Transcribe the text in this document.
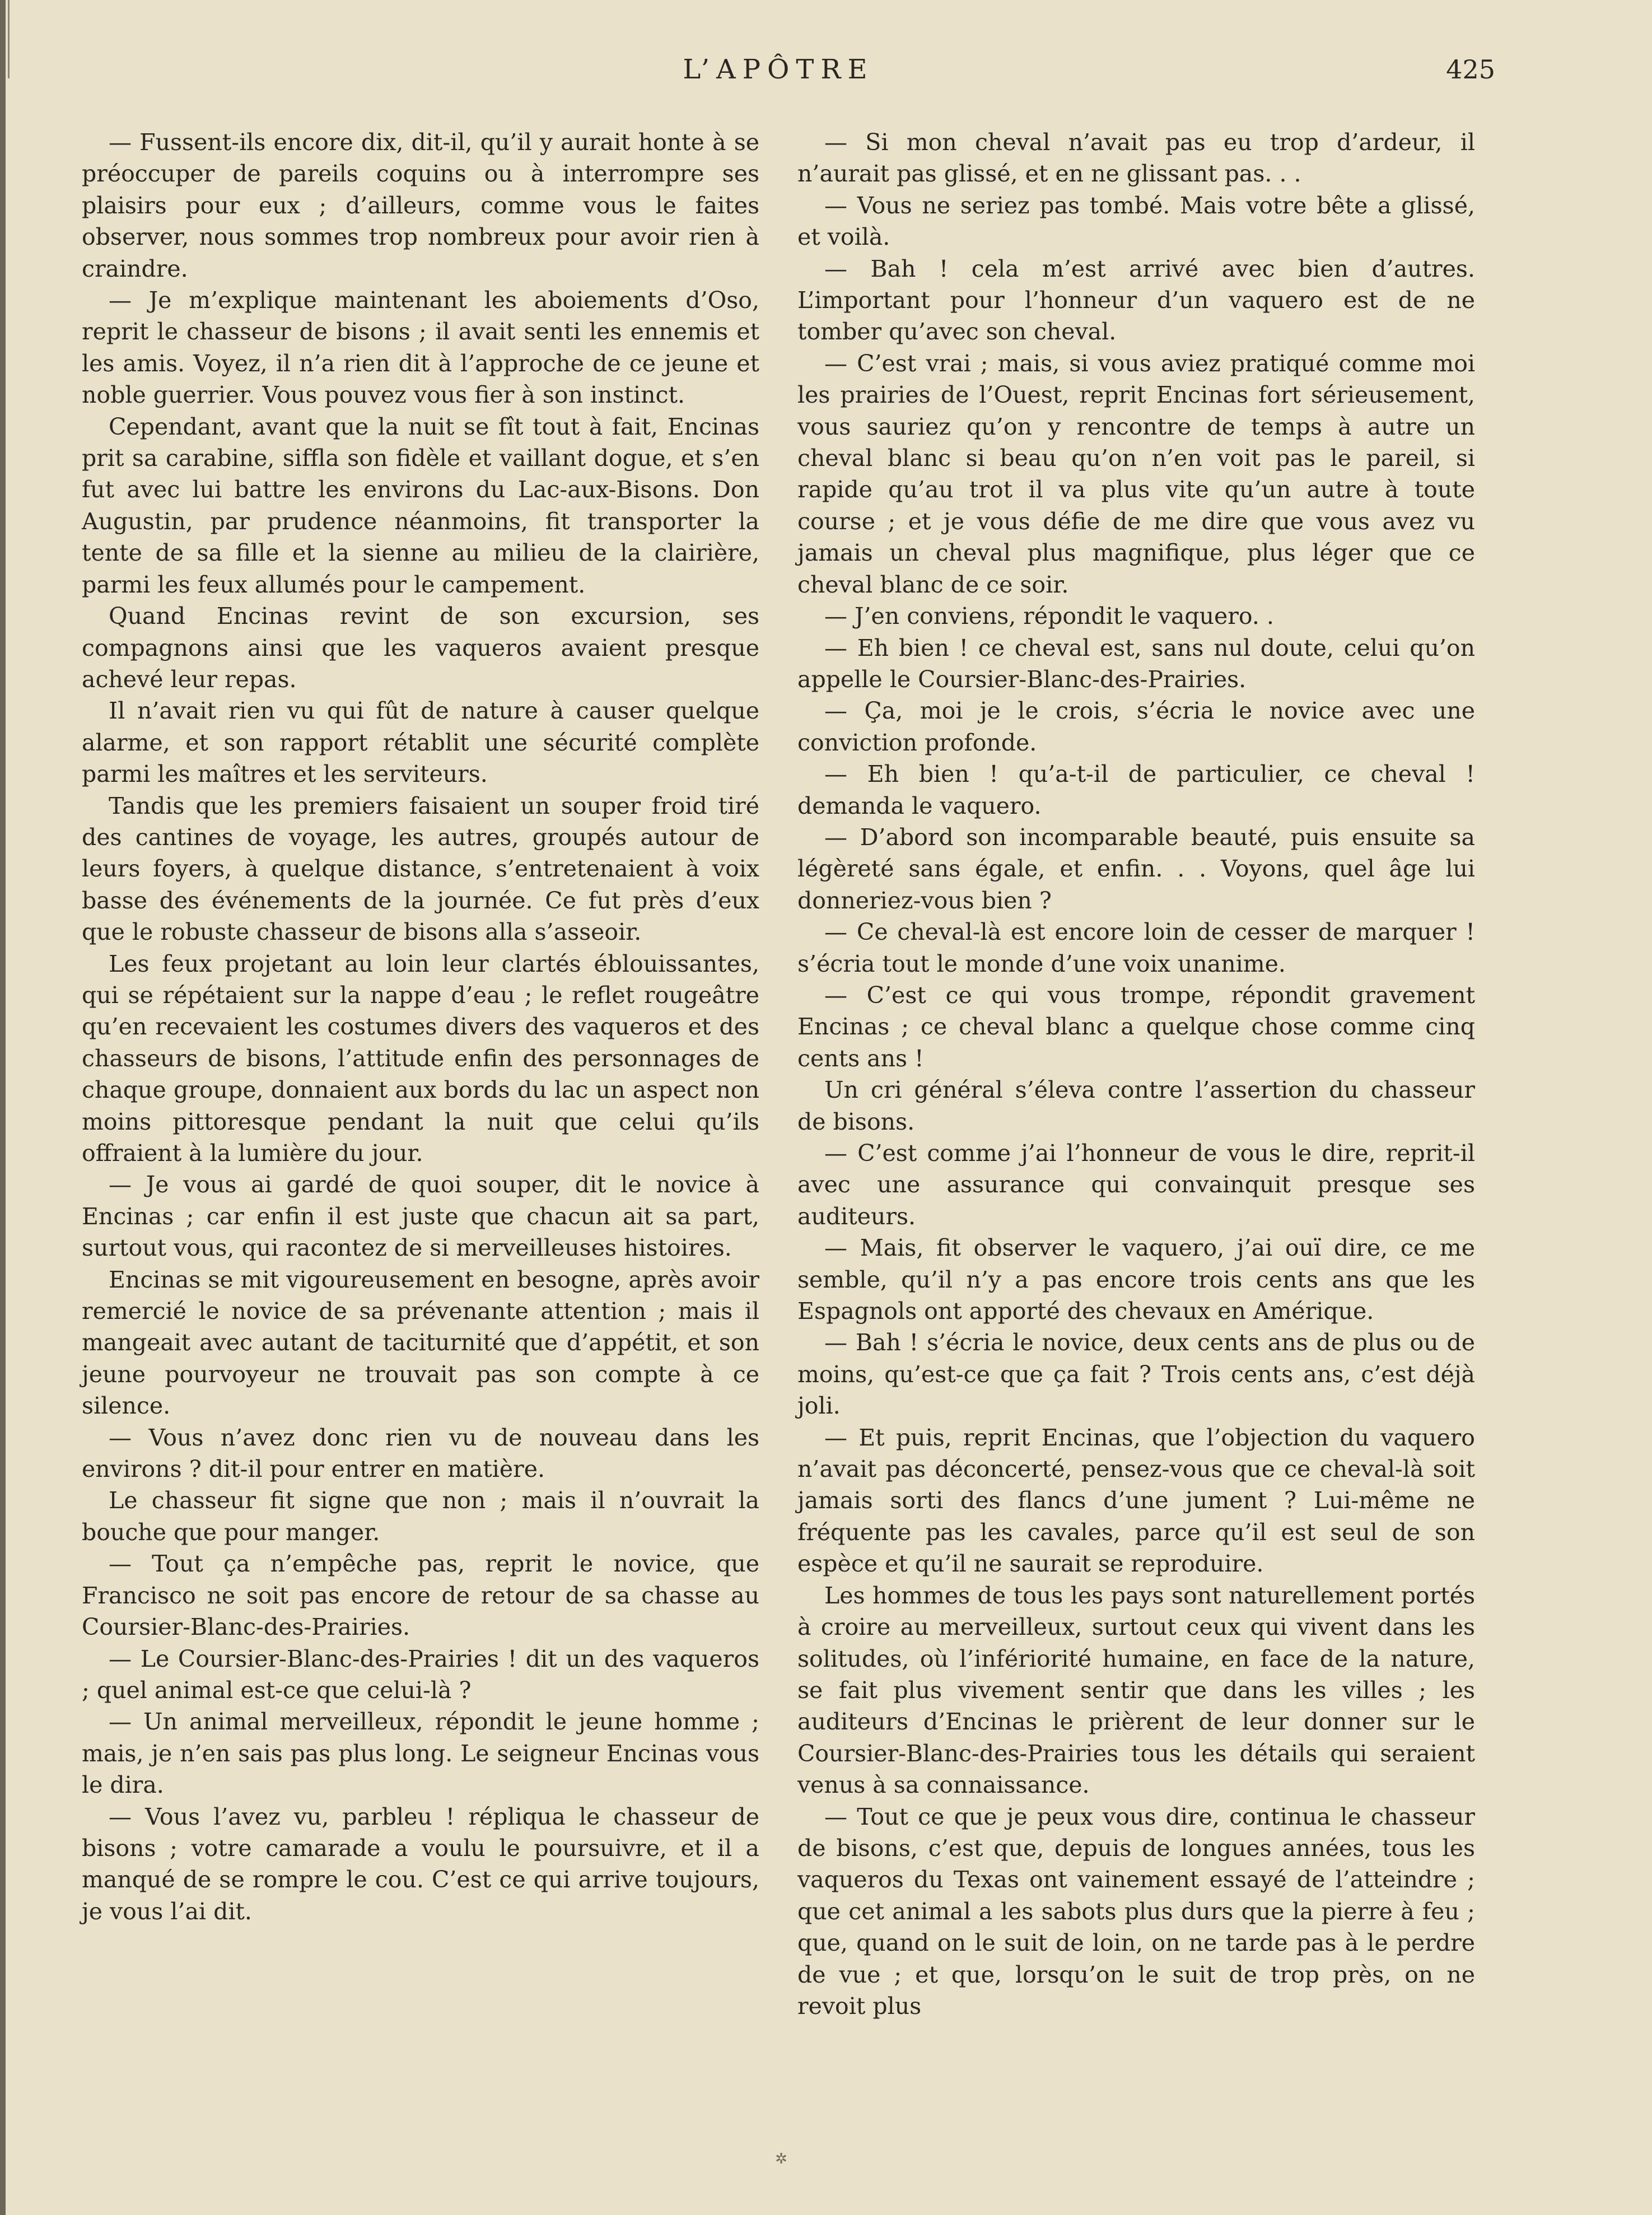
L’APÔTRE	425

— Fussent-ils encore dix, dit-il, qu’il y aurait honte à se préoccuper de pareils coquins ou à interrompre ses plaisirs pour eux ; d’ailleurs, comme vous le faites observer, nous sommes trop nombreux pour avoir rien à craindre.

— Je m’explique maintenant les aboiements d’Oso, reprit le chasseur de bisons ; il avait senti les ennemis et les amis. Voyez, il n’a rien dit à l’approche de ce jeune et noble guerrier. Vous pouvez vous fier à son instinct.

Cependant, avant que la nuit se fît tout à fait, Encinas prit sa carabine, siffla son fidèle et vaillant dogue, et s’en fut avec lui battre les environs du Lac-aux-Bisons. Don Augustin, par prudence néanmoins, fit transporter la tente de sa fille et la sienne au milieu de la clairière, parmi les feux allumés pour le campement.

Quand Encinas revint de son excursion, ses compagnons ainsi que les vaqueros avaient presque achevé leur repas.

Il n’avait rien vu qui fût de nature à causer quelque alarme, et son rapport rétablit une sécurité complète parmi les maîtres et les serviteurs.

Tandis que les premiers faisaient un souper froid tiré des cantines de voyage, les autres, groupés autour de leurs foyers, à quelque distance, s’entretenaient à voix basse des événements de la journée. Ce fut près d’eux que le robuste chasseur de bisons alla s’asseoir.

Les feux projetant au loin leur clartés éblouissantes, qui se répétaient sur la nappe d’eau ; le reflet rougeâtre qu’en recevaient les costumes divers des vaqueros et des chasseurs de bisons, l’attitude enfin des personnages de chaque groupe, donnaient aux bords du lac un aspect non moins pittoresque pendant la nuit que celui qu’ils offraient à la lumière du jour.

— Je vous ai gardé de quoi souper, dit le novice à Encinas ; car enfin il est juste que chacun ait sa part, surtout vous, qui racontez de si merveilleuses histoires.

Encinas se mit vigoureusement en besogne, après avoir remercié le novice de sa prévenante attention ; mais il mangeait avec autant de taciturnité que d’appétit, et son jeune pourvoyeur ne trouvait pas son compte à ce silence.

— Vous n’avez donc rien vu de nouveau dans les environs ? dit-il pour entrer en matière.

Le chasseur fit signe que non ; mais il n’ouvrait la bouche que pour manger.

— Tout ça n’empêche pas, reprit le novice, que Francisco ne soit pas encore de retour de sa chasse au Coursier-Blanc-des-Prairies.

— Le Coursier-Blanc-des-Prairies ! dit un des vaqueros ; quel animal est-ce que celui-là ?

— Un animal merveilleux, répondit le jeune homme ; mais, je n’en sais pas plus long. Le seigneur Encinas vous le dira.

— Vous l’avez vu, parbleu ! répliqua le chasseur de bisons ; votre camarade a voulu le poursuivre, et il a manqué de se rompre le cou. C’est ce qui arrive toujours, je vous l’ai dit.

— Si mon cheval n’avait pas eu trop d’ardeur, il n’aurait pas glissé, et en ne glissant pas. . .

— Vous ne seriez pas tombé. Mais votre bête a glissé, et voilà.

— Bah ! cela m’est arrivé avec bien d’autres. L’important pour l’honneur d’un vaquero est de ne tomber qu’avec son cheval.

— C’est vrai ; mais, si vous aviez pratiqué comme moi les prairies de l’Ouest, reprit Encinas fort sérieusement, vous sauriez qu’on y rencontre de temps à autre un cheval blanc si beau qu’on n’en voit pas le pareil, si rapide qu’au trot il va plus vite qu’un autre à toute course ; et je vous défie de me dire que vous avez vu jamais un cheval plus magnifique, plus léger que ce cheval blanc de ce soir.

— J’en conviens, répondit le vaquero. .

— Eh bien ! ce cheval est, sans nul doute, celui qu’on appelle le Coursier-Blanc-des-Prairies.

— Ça, moi je le crois, s’écria le novice avec une conviction profonde.

— Eh bien ! qu’a-t-il de particulier, ce cheval ! demanda le vaquero.

— D’abord son incomparable beauté, puis ensuite sa légèreté sans égale, et enfin. . . Voyons, quel âge lui donneriez-vous bien ?

— Ce cheval-là est encore loin de cesser de marquer ! s’écria tout le monde d’une voix unanime.

— C’est ce qui vous trompe, répondit gravement Encinas ; ce cheval blanc a quelque chose comme cinq cents ans !

Un cri général s’éleva contre l’assertion du chasseur de bisons.

— C’est comme j’ai l’honneur de vous le dire, reprit-il avec une assurance qui convainquit presque ses auditeurs.

— Mais, fit observer le vaquero, j’ai ouï dire, ce me semble, qu’il n’y a pas encore trois cents ans que les Espagnols ont apporté des chevaux en Amérique.

— Bah ! s’écria le novice, deux cents ans de plus ou de moins, qu’est-ce que ça fait ? Trois cents ans, c’est déjà joli.

— Et puis, reprit Encinas, que l’objection du vaquero n’avait pas déconcerté, pensez-vous que ce cheval-là soit jamais sorti des flancs d’une jument ? Lui-même ne fréquente pas les cavales, parce qu’il est seul de son espèce et qu’il ne saurait se reproduire.

Les hommes de tous les pays sont naturellement portés à croire au merveilleux, surtout ceux qui vivent dans les solitudes, où l’infériorité humaine, en face de la nature, se fait plus vivement sentir que dans les villes ; les auditeurs d’Encinas le prièrent de leur donner sur le Coursier-Blanc-des-Prairies tous les détails qui seraient venus à sa connaissance.

— Tout ce que je peux vous dire, continua le chasseur de bisons, c’est que, depuis de longues années, tous les vaqueros du Texas ont vainement essayé de l’atteindre ; que cet animal a les sabots plus durs que la pierre à feu ; que, quand on le suit de loin, on ne tarde pas à le perdre de vue ; et que, lorsqu’on le suit de trop près, on ne revoit plus

✲
